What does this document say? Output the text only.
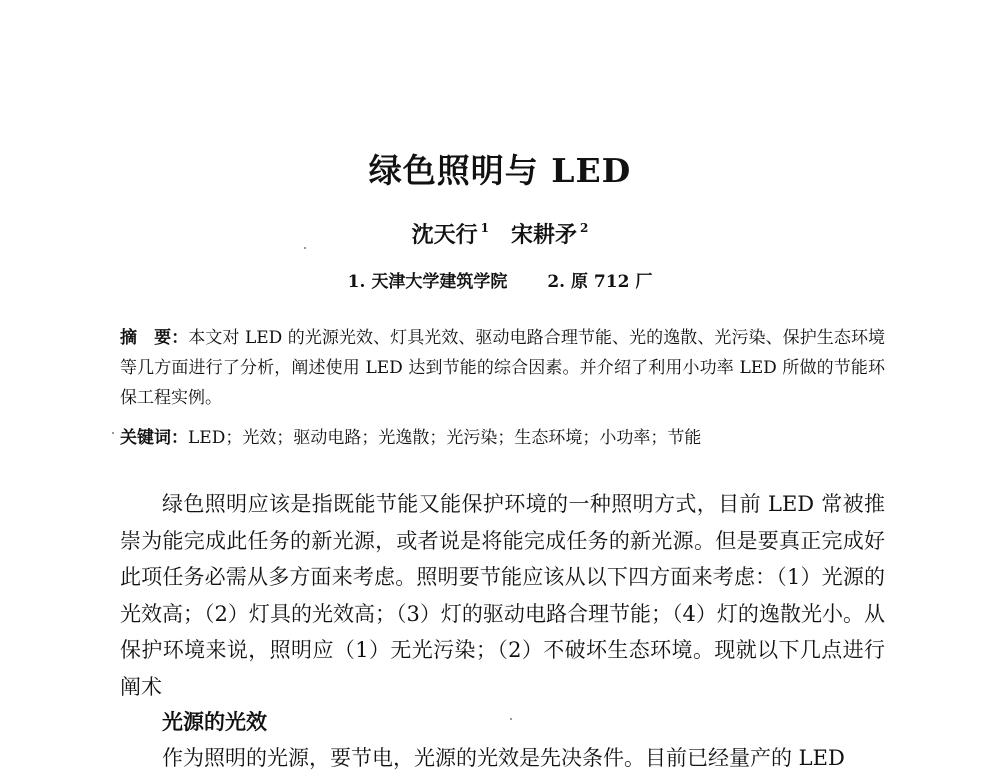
绿色照明与 LED
沈天行 $^1$ 宋耕矛 $^2$
1. 天津大学建筑学院 2. 原 712 厂
摘　要：本文对 LED 的光源光效、灯具光效、驱动电路合理节能、光的逸散、光污染、保护生态环境等几方面进行了分析，阐述使用 LED 达到节能的综合因素。并介绍了利用小功率 LED 所做的节能环保工程实例。
关键词：LED；光效；驱动电路；光逸散；光污染；生态环境；小功率；节能
绿色照明应该是指既能节能又能保护环境的一种照明方式，目前 LED 常被推崇为能完成此任务的新光源，或者说是将能完成任务的新光源。但是要真正完成好此项任务必需从多方面来考虑。照明要节能应该从以下四方面来考虑：（1）光源的光效高；（2）灯具的光效高；（3）灯的驱动电路合理节能；（4）灯的逸散光小。从保护环境来说，照明应（1）无光污染；（2）不破坏生态环境。现就以下几点进行阐术
光源的光效
作为照明的光源，要节电，光源的光效是先决条件。目前已经量产的 LED
